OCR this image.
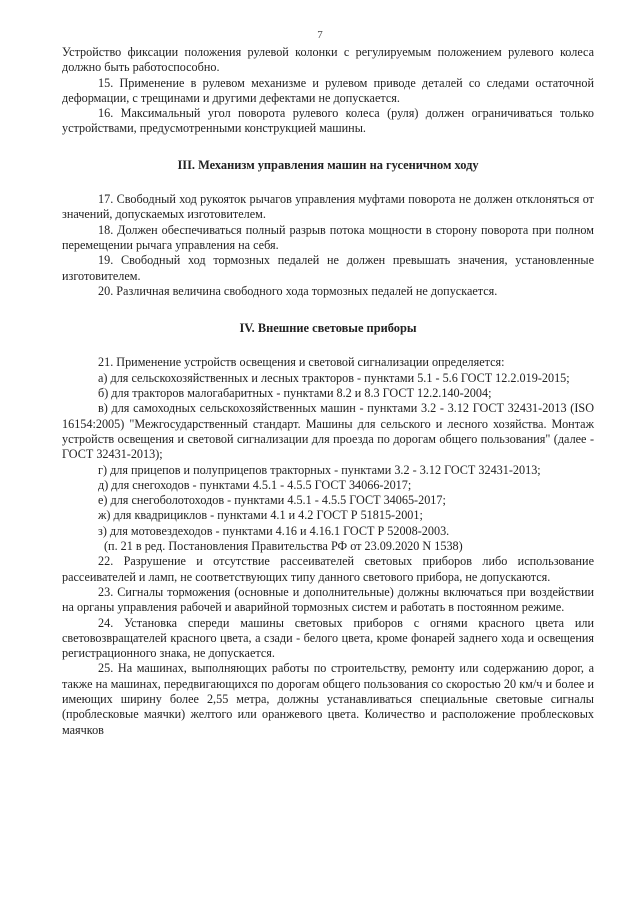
7

Устройство фиксации положения рулевой колонки с регулируемым положением рулевого колеса должно быть работоспособно.

15. Применение в рулевом механизме и рулевом приводе деталей со следами остаточной деформации, с трещинами и другими дефектами не допускается.

16. Максимальный угол поворота рулевого колеса (руля) должен ограничиваться только устройствами, предусмотренными конструкцией машины.

III. Механизм управления машин на гусеничном ходу

17. Свободный ход рукояток рычагов управления муфтами поворота не должен отклоняться от значений, допускаемых изготовителем.

18. Должен обеспечиваться полный разрыв потока мощности в сторону поворота при полном перемещении рычага управления на себя.

19. Свободный ход тормозных педалей не должен превышать значения, установленные изготовителем.

20. Различная величина свободного хода тормозных педалей не допускается.

IV. Внешние световые приборы

21. Применение устройств освещения и световой сигнализации определяется:

а) для сельскохозяйственных и лесных тракторов - пунктами 5.1 - 5.6 ГОСТ 12.2.019-2015;

б) для тракторов малогабаритных - пунктами 8.2 и 8.3 ГОСТ 12.2.140-2004;

в) для самоходных сельскохозяйственных машин - пунктами 3.2 - 3.12 ГОСТ 32431-2013 (ISO 16154:2005) "Межгосударственный стандарт. Машины для сельского и лесного хозяйства. Монтаж устройств освещения и световой сигнализации для проезда по дорогам общего пользования" (далее - ГОСТ 32431-2013);

г) для прицепов и полуприцепов тракторных - пунктами 3.2 - 3.12 ГОСТ 32431-2013;

д) для снегоходов - пунктами 4.5.1 - 4.5.5 ГОСТ 34066-2017;

е) для снегоболотоходов - пунктами 4.5.1 - 4.5.5 ГОСТ 34065-2017;

ж) для квадрициклов - пунктами 4.1 и 4.2 ГОСТ Р 51815-2001;

з) для мотовездеходов - пунктами 4.16 и 4.16.1 ГОСТ Р 52008-2003.

(п. 21 в ред. Постановления Правительства РФ от 23.09.2020 N 1538)

22. Разрушение и отсутствие рассеивателей световых приборов либо использование рассеивателей и ламп, не соответствующих типу данного светового прибора, не допускаются.

23. Сигналы торможения (основные и дополнительные) должны включаться при воздействии на органы управления рабочей и аварийной тормозных систем и работать в постоянном режиме.

24. Установка спереди машины световых приборов с огнями красного цвета или световозвращателей красного цвета, а сзади - белого цвета, кроме фонарей заднего хода и освещения регистрационного знака, не допускается.

25. На машинах, выполняющих работы по строительству, ремонту или содержанию дорог, а также на машинах, передвигающихся по дорогам общего пользования со скоростью 20 км/ч и более и имеющих ширину более 2,55 метра, должны устанавливаться специальные световые сигналы (проблесковые маячки) желтого или оранжевого цвета. Количество и расположение проблесковых маячков
